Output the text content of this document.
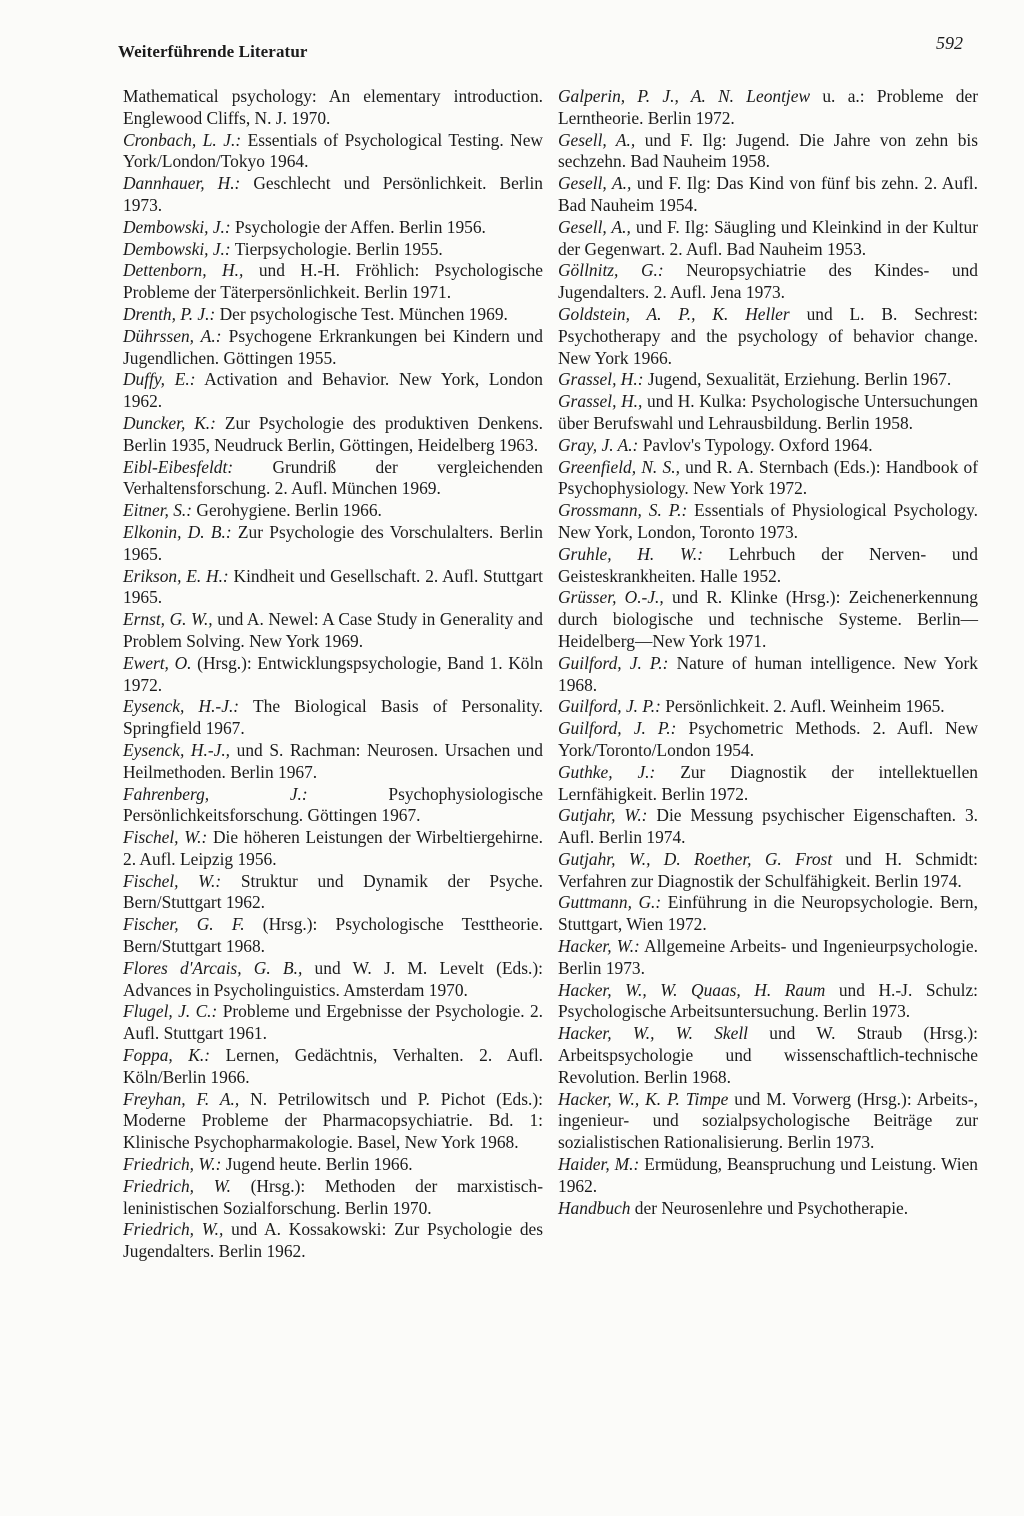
Weiterführende Literatur	592

Mathematical psychology: An elementary introduction. Englewood Cliffs, N. J. 1970.

Cronbach, L. J.: Essentials of Psychological Testing. New York/London/Tokyo 1964.

Dannhauer, H.: Geschlecht und Persönlichkeit. Berlin 1973.

Dembowski, J.: Psychologie der Affen. Berlin 1956.

Dembowski, J.: Tierpsychologie. Berlin 1955.

Dettenborn, H., und H.-H. Fröhlich: Psychologische Probleme der Täterpersönlichkeit. Berlin 1971.

Drenth, P. J.: Der psychologische Test. München 1969.

Dührssen, A.: Psychogene Erkrankungen bei Kindern und Jugendlichen. Göttingen 1955.

Duffy, E.: Activation and Behavior. New York, London 1962.

Duncker, K.: Zur Psychologie des produktiven Denkens. Berlin 1935, Neudruck Berlin, Göttingen, Heidelberg 1963.

Eibl-Eibesfeldt: Grundriß der vergleichenden Verhaltensforschung. 2. Aufl. München 1969.

Eitner, S.: Gerohygiene. Berlin 1966.

Elkonin, D. B.: Zur Psychologie des Vorschulalters. Berlin 1965.

Erikson, E. H.: Kindheit und Gesellschaft. 2. Aufl. Stuttgart 1965.

Ernst, G. W., und A. Newel: A Case Study in Generality and Problem Solving. New York 1969.

Ewert, O. (Hrsg.): Entwicklungspsychologie, Band 1. Köln 1972.

Eysenck, H.-J.: The Biological Basis of Personality. Springfield 1967.

Eysenck, H.-J., und S. Rachman: Neurosen. Ursachen und Heilmethoden. Berlin 1967.

Fahrenberg, J.: Psychophysiologische Persönlichkeitsforschung. Göttingen 1967.

Fischel, W.: Die höheren Leistungen der Wirbeltiergehirne. 2. Aufl. Leipzig 1956.

Fischel, W.: Struktur und Dynamik der Psyche. Bern/Stuttgart 1962.

Fischer, G. F. (Hrsg.): Psychologische Testtheorie. Bern/Stuttgart 1968.

Flores d'Arcais, G. B., und W. J. M. Levelt (Eds.): Advances in Psycholinguistics. Amsterdam 1970.

Flugel, J. C.: Probleme und Ergebnisse der Psychologie. 2. Aufl. Stuttgart 1961.

Foppa, K.: Lernen, Gedächtnis, Verhalten. 2. Aufl. Köln/Berlin 1966.

Freyhan, F. A., N. Petrilowitsch und P. Pichot (Eds.): Moderne Probleme der Pharmacopsychiatrie. Bd. 1: Klinische Psychopharmakologie. Basel, New York 1968.

Friedrich, W.: Jugend heute. Berlin 1966.

Friedrich, W. (Hrsg.): Methoden der marxistisch-leninistischen Sozialforschung. Berlin 1970.

Friedrich, W., und A. Kossakowski: Zur Psychologie des Jugendalters. Berlin 1962.

Galperin, P. J., A. N. Leontjew u. a.: Probleme der Lerntheorie. Berlin 1972.

Gesell, A., und F. Ilg: Jugend. Die Jahre von zehn bis sechzehn. Bad Nauheim 1958.

Gesell, A., und F. Ilg: Das Kind von fünf bis zehn. 2. Aufl. Bad Nauheim 1954.

Gesell, A., und F. Ilg: Säugling und Kleinkind in der Kultur der Gegenwart. 2. Aufl. Bad Nauheim 1953.

Göllnitz, G.: Neuropsychiatrie des Kindes- und Jugendalters. 2. Aufl. Jena 1973.

Goldstein, A. P., K. Heller und L. B. Sechrest: Psychotherapy and the psychology of behavior change. New York 1966.

Grassel, H.: Jugend, Sexualität, Erziehung. Berlin 1967.

Grassel, H., und H. Kulka: Psychologische Untersuchungen über Berufswahl und Lehrausbildung. Berlin 1958.

Gray, J. A.: Pavlov's Typology. Oxford 1964.

Greenfield, N. S., und R. A. Sternbach (Eds.): Handbook of Psychophysiology. New York 1972.

Grossmann, S. P.: Essentials of Physiological Psychology. New York, London, Toronto 1973.

Gruhle, H. W.: Lehrbuch der Nerven- und Geisteskrankheiten. Halle 1952.

Grüsser, O.-J., und R. Klinke (Hrsg.): Zeichenerkennung durch biologische und technische Systeme. Berlin—Heidelberg—New York 1971.

Guilford, J. P.: Nature of human intelligence. New York 1968.

Guilford, J. P.: Persönlichkeit. 2. Aufl. Weinheim 1965.

Guilford, J. P.: Psychometric Methods. 2. Aufl. New York/Toronto/London 1954.

Guthke, J.: Zur Diagnostik der intellektuellen Lernfähigkeit. Berlin 1972.

Gutjahr, W.: Die Messung psychischer Eigenschaften. 3. Aufl. Berlin 1974.

Gutjahr, W., D. Roether, G. Frost und H. Schmidt: Verfahren zur Diagnostik der Schulfähigkeit. Berlin 1974.

Guttmann, G.: Einführung in die Neuropsychologie. Bern, Stuttgart, Wien 1972.

Hacker, W.: Allgemeine Arbeits- und Ingenieurpsychologie. Berlin 1973.

Hacker, W., W. Quaas, H. Raum und H.-J. Schulz: Psychologische Arbeitsuntersuchung. Berlin 1973.

Hacker, W., W. Skell und W. Straub (Hrsg.): Arbeitspsychologie und wissenschaftlich-technische Revolution. Berlin 1968.

Hacker, W., K. P. Timpe und M. Vorwerg (Hrsg.): Arbeits-, ingenieur- und sozialpsychologische Beiträge zur sozialistischen Rationalisierung. Berlin 1973.

Haider, M.: Ermüdung, Beanspruchung und Leistung. Wien 1962.

Handbuch der Neurosenlehre und Psychotherapie.
